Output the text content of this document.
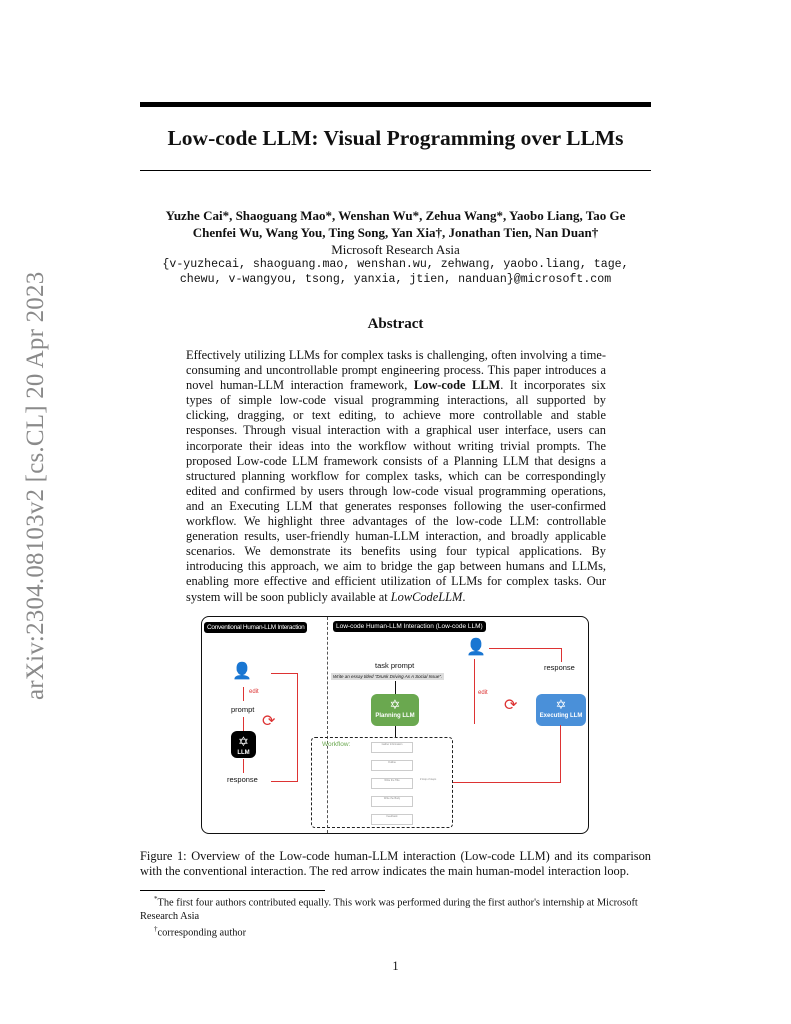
arXiv:2304.08103v2 [cs.CL] 20 Apr 2023
Low-code LLM: Visual Programming over LLMs
Yuzhe Cai*, Shaoguang Mao*, Wenshan Wu*, Zehua Wang*, Yaobo Liang, Tao Ge
Chenfei Wu, Wang You, Ting Song, Yan Xia†, Jonathan Tien, Nan Duan†
Microsoft Research Asia
{v-yuzhecai, shaoguang.mao, wenshan.wu, zehwang, yaobo.liang, tage,
chewu, v-wangyou, tsong, yanxia, jtien, nanduan}@microsoft.com
Abstract
Effectively utilizing LLMs for complex tasks is challenging, often involving a time-consuming and uncontrollable prompt engineering process. This paper introduces a novel human-LLM interaction framework, Low-code LLM. It incorporates six types of simple low-code visual programming interactions, all supported by clicking, dragging, or text editing, to achieve more controllable and stable responses. Through visual interaction with a graphical user interface, users can incorporate their ideas into the workflow without writing trivial prompts. The proposed Low-code LLM framework consists of a Planning LLM that designs a structured planning workflow for complex tasks, which can be correspondingly edited and confirmed by users through low-code visual programming operations, and an Executing LLM that generates responses following the user-confirmed workflow. We highlight three advantages of the low-code LLM: controllable generation results, user-friendly human-LLM interaction, and broadly applicable scenarios. We demonstrate its benefits using four typical applications. By introducing this approach, we aim to bridge the gap between humans and LLMs, enabling more effective and efficient utilization of LLMs for complex tasks. Our system will be soon publicly available at LowCodeLLM.
Conventional Human-LLM Interaction	Low-code Human-LLM Interaction (Low-code LLM)
👤
edit
prompt
✡
LLM
response
⟳
👤
task prompt
Write an essay titled "Drunk Driving As A Social Issue".
✡
Planning LLM
edit
⟳
response
✡
Executing LLM
Workflow:	Gather Information
Outline
Write the Title
Write the Body
Feedback
# loop of steps
Figure 1: Overview of the Low-code human-LLM interaction (Low-code LLM) and its comparison with the conventional interaction. The red arrow indicates the main human-model interaction loop.
*The first four authors contributed equally. This work was performed during the first author's internship at Microsoft Research Asia
†corresponding author
1
